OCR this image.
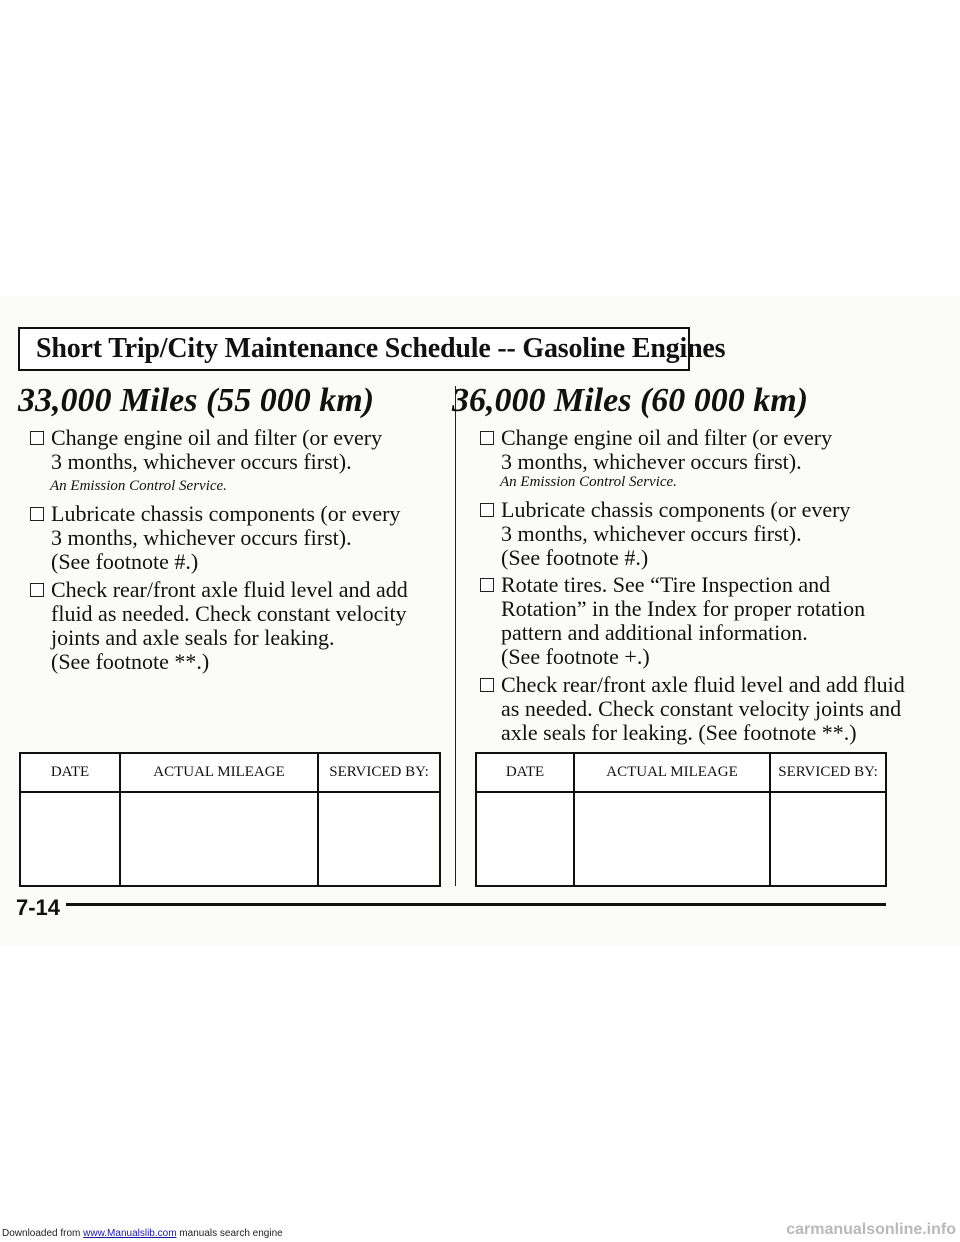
Short Trip/City Maintenance Schedule -- Gasoline Engines
33,000 Miles (55 000 km)
Change engine oil and filter (or every
3 months, whichever occurs first).
An Emission Control Service.
Lubricate chassis components (or every
3 months, whichever occurs first).
(See footnote #.)
Check rear/front axle fluid level and add
fluid as needed. Check constant velocity
joints and axle seals for leaking.
(See footnote **.)
DATE	ACTUAL MILEAGE	SERVICED BY:

36,000 Miles (60 000 km)
Change engine oil and filter (or every
3 months, whichever occurs first).
An Emission Control Service.
Lubricate chassis components (or every
3 months, whichever occurs first).
(See footnote #.)
Rotate tires. See “Tire Inspection and
Rotation” in the Index for proper rotation
pattern and additional information.
(See footnote +.)
Check rear/front axle fluid level and add fluid
as needed. Check constant velocity joints and
axle seals for leaking. (See footnote **.)
DATE	ACTUAL MILEAGE	SERVICED BY:

7-14
Downloaded from www.Manualslib.com manuals search engine	carmanualsonline.info
